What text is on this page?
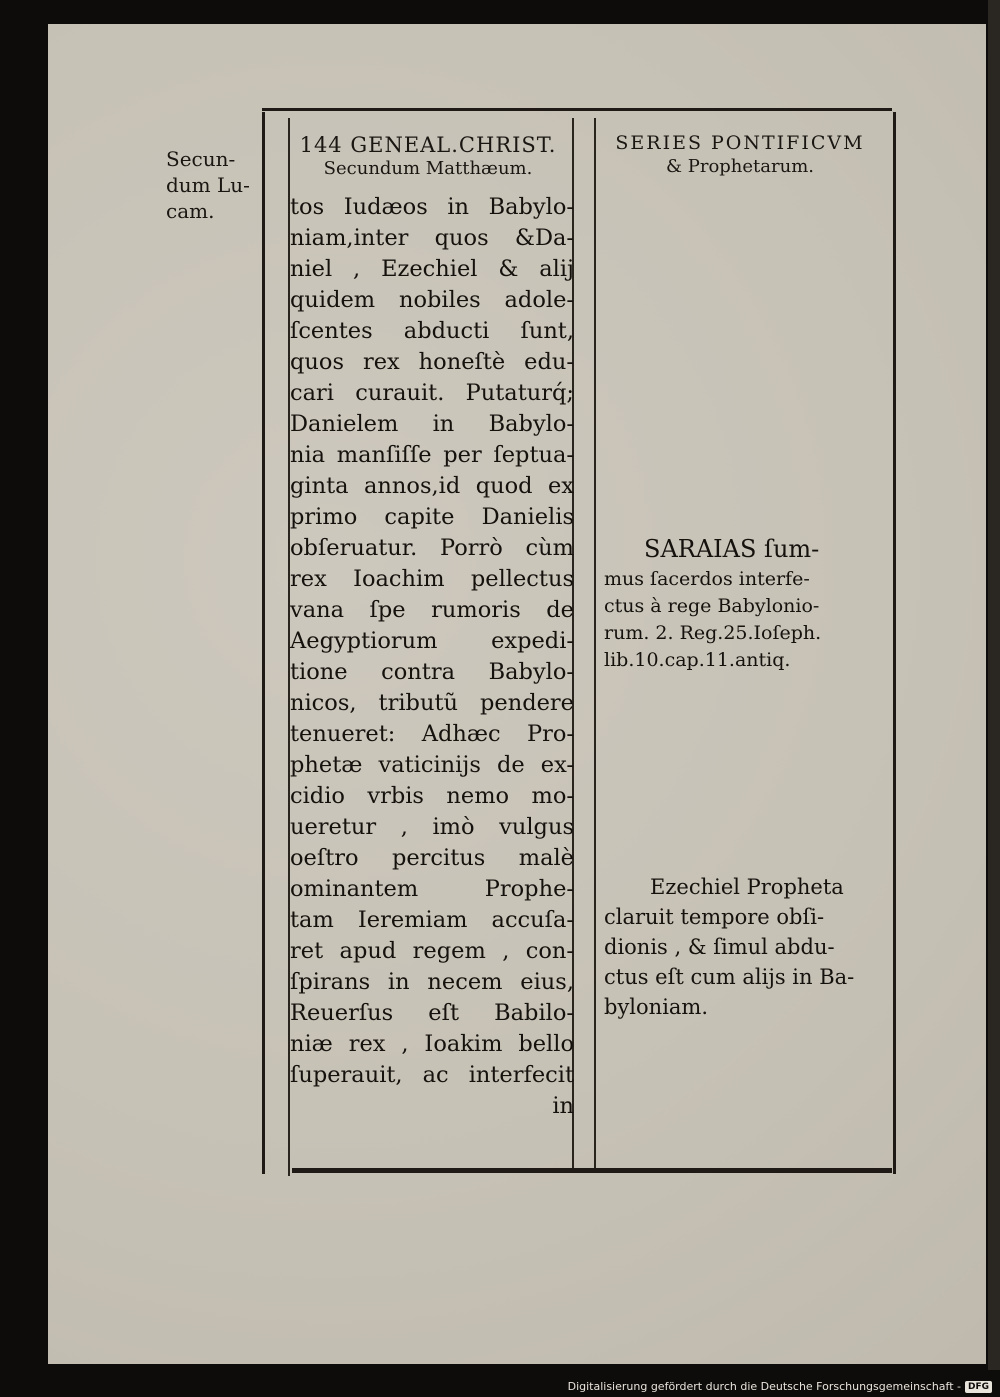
Secun-
dum Lu-
cam.
144 GENEAL.CHRIST.
Secundum Matthæum.
SERIES PONTIFICVM
& Prophetarum.
tos Iudæos in Babylo-
niam,inter quos &Da-
niel , Ezechiel & alij
quidem nobiles adole-
ſcentes abducti ſunt,
quos rex honeſtè edu-
cari curauit. Putaturq́;
Danielem in Babylo-
nia manſiſſe per ſeptua-
ginta annos,id quod ex
primo capite Danielis
obſeruatur. Porrò cùm
rex Ioachim pellectus
vana ſpe rumoris de
Aegyptiorum expedi-
tione contra Babylo-
nicos, tributũ pendere
tenueret: Adhæc Pro-
phetæ vaticinijs de ex-
cidio vrbis nemo mo-
ueretur , imò vulgus
oeſtro percitus malè
ominantem Prophe-
tam Ieremiam accuſa-
ret apud regem , con-
ſpirans in necem eius,
Reuerſus eſt Babilo-
niæ rex , Ioakim bello
ſuperauit, ac interfecit
in
SARAIAS ſum-
mus ſacerdos interfe-
ctus à rege Babylonio-
rum. 2. Reg.25.Ioſeph.
lib.10.cap.11.antiq.
Ezechiel Propheta
claruit tempore obſi-
dionis , & ſimul abdu-
ctus eſt cum alijs in Ba-
byloniam.
Digitalisierung gefördert durch die Deutsche Forschungsgemeinschaft - DFG
